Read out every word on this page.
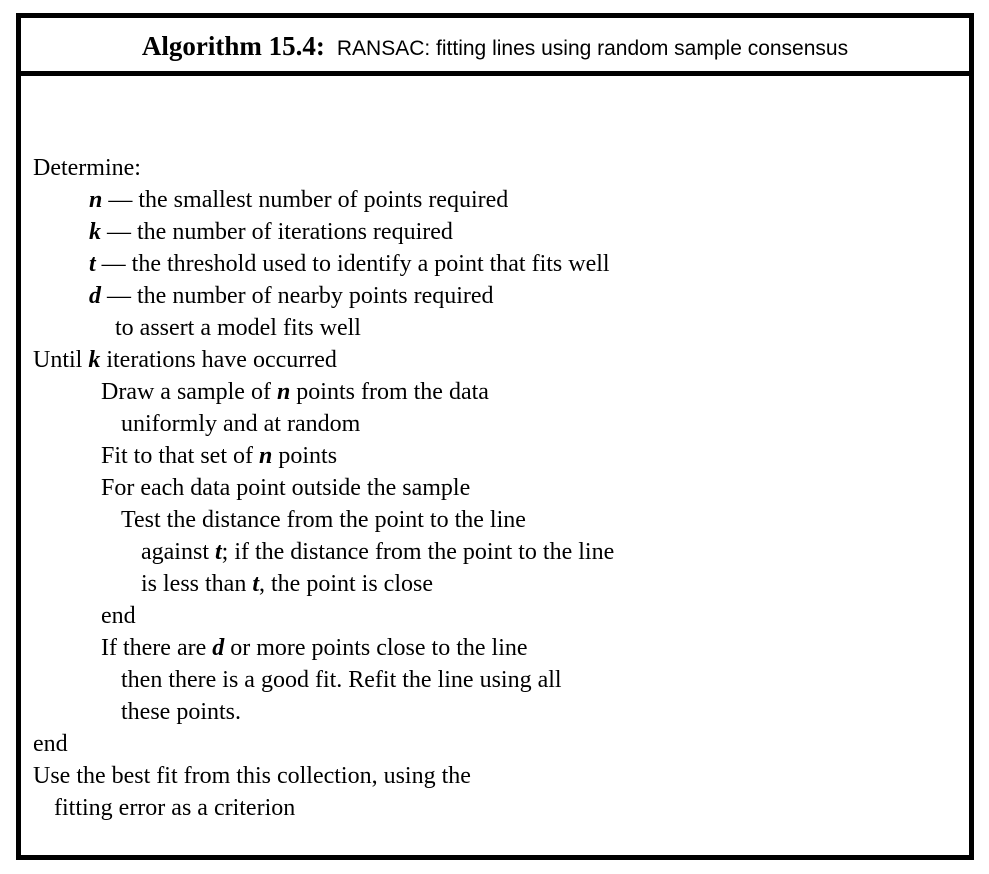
Algorithm 15.4: RANSAC: fitting lines using random sample consensus
Determine:
n — the smallest number of points required
k — the number of iterations required
t — the threshold used to identify a point that fits well
d — the number of nearby points required
to assert a model fits well
Until k iterations have occurred
Draw a sample of n points from the data
uniformly and at random
Fit to that set of n points
For each data point outside the sample
Test the distance from the point to the line
against t; if the distance from the point to the line
is less than t, the point is close
end
If there are d or more points close to the line
then there is a good fit. Refit the line using all
these points.
end
Use the best fit from this collection, using the
fitting error as a criterion
